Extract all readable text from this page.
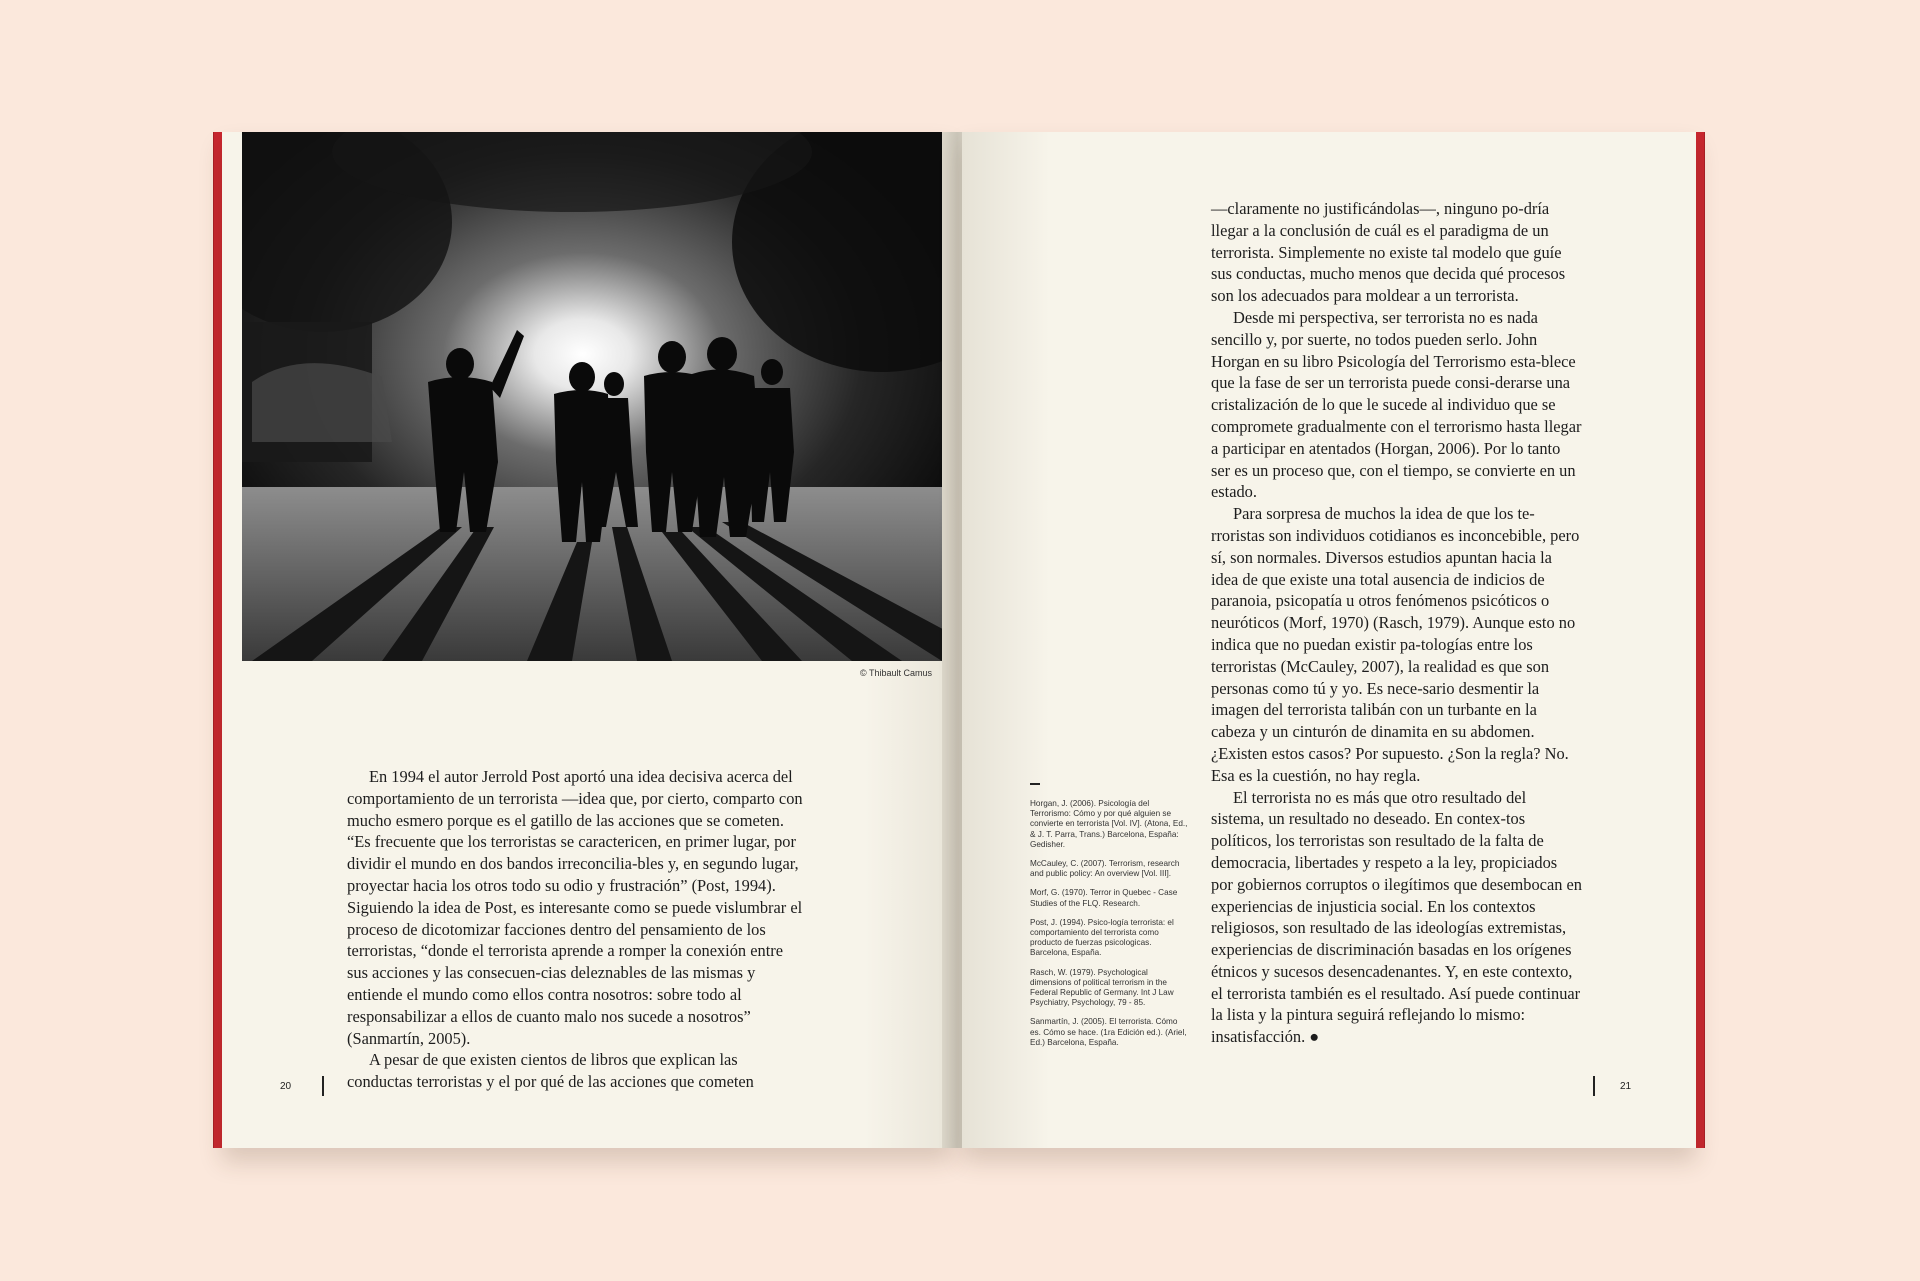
© Thibault Camus

En 1994 el autor Jerrold Post aportó una idea decisiva acerca del comportamiento de un terrorista —idea que, por cierto, comparto con mucho esmero porque es el gatillo de las acciones que se cometen. “Es frecuente que los terroristas se caractericen, en primer lugar, por dividir el mundo en dos bandos irreconcilia-bles y, en segundo lugar, proyectar hacia los otros todo su odio y frustración” (Post, 1994). Siguiendo la idea de Post, es interesante como se puede vislumbrar el proceso de dicotomizar facciones dentro del pensamiento de los terroristas, “donde el terrorista aprende a romper la conexión entre sus acciones y las consecuen-cias deleznables de las mismas y entiende el mundo como ellos contra nosotros: sobre todo al responsabilizar a ellos de cuanto malo nos sucede a nosotros” (Sanmartín, 2005).

A pesar de que existen cientos de libros que explican las conductas terroristas y el por qué de las acciones que cometen

20

Horgan, J. (2006). Psicología del Terrorismo: Cómo y por qué alguien se convierte en terrorista [Vol. IV]. (Atona, Ed., & J. T. Parra, Trans.) Barcelona, España: Gedisher.

McCauley, C. (2007). Terrorism, research and public policy: An overview [Vol. III].

Morf, G. (1970). Terror in Quebec - Case Studies of the FLQ. Research.

Post, J. (1994). Psico-logía terrorista: el comportamiento del terrorista como producto de fuerzas psicologicas. Barcelona, España.

Rasch, W. (1979). Psychological dimensions of political terrorism in the Federal Republic of Germany. Int J Law Psychiatry, Psychology, 79 - 85.

Sanmartín, J. (2005). El terrorista. Cómo es. Cómo se hace. (1ra Edición ed.). (Ariel, Ed.) Barcelona, España.

—claramente no justificándolas—, ninguno po-dría llegar a la conclusión de cuál es el paradigma de un terrorista. Simplemente no existe tal modelo que guíe sus conductas, mucho menos que decida qué procesos son los adecuados para moldear a un terrorista.

Desde mi perspectiva, ser terrorista no es nada sencillo y, por suerte, no todos pueden serlo. John Horgan en su libro Psicología del Terrorismo esta-blece que la fase de ser un terrorista puede consi-derarse una cristalización de lo que le sucede al individuo que se compromete gradualmente con el terrorismo hasta llegar a participar en atentados (Horgan, 2006). Por lo tanto ser es un proceso que, con el tiempo, se convierte en un estado.

Para sorpresa de muchos la idea de que los te-rroristas son individuos cotidianos es inconcebible, pero sí, son normales. Diversos estudios apuntan hacia la idea de que existe una total ausencia de indicios de paranoia, psicopatía u otros fenómenos psicóticos o neuróticos (Morf, 1970) (Rasch, 1979). Aunque esto no indica que no puedan existir pa-tologías entre los terroristas (McCauley, 2007), la realidad es que son personas como tú y yo. Es nece-sario desmentir la imagen del terrorista talibán con un turbante en la cabeza y un cinturón de dinamita en su abdomen. ¿Existen estos casos? Por supuesto. ¿Son la regla? No. Esa es la cuestión, no hay regla.

El terrorista no es más que otro resultado del sistema, un resultado no deseado. En contex-tos políticos, los terroristas son resultado de la falta de democracia, libertades y respeto a la ley, propiciados por gobiernos corruptos o ilegítimos que desembocan en experiencias de injusticia social. En los contextos religiosos, son resultado de las ideologías extremistas, experiencias de discriminación basadas en los orígenes étnicos y sucesos desencadenantes. Y, en este contexto, el terrorista también es el resultado. Así puede continuar la lista y la pintura seguirá reflejando lo mismo: insatisfacción. ●

21
